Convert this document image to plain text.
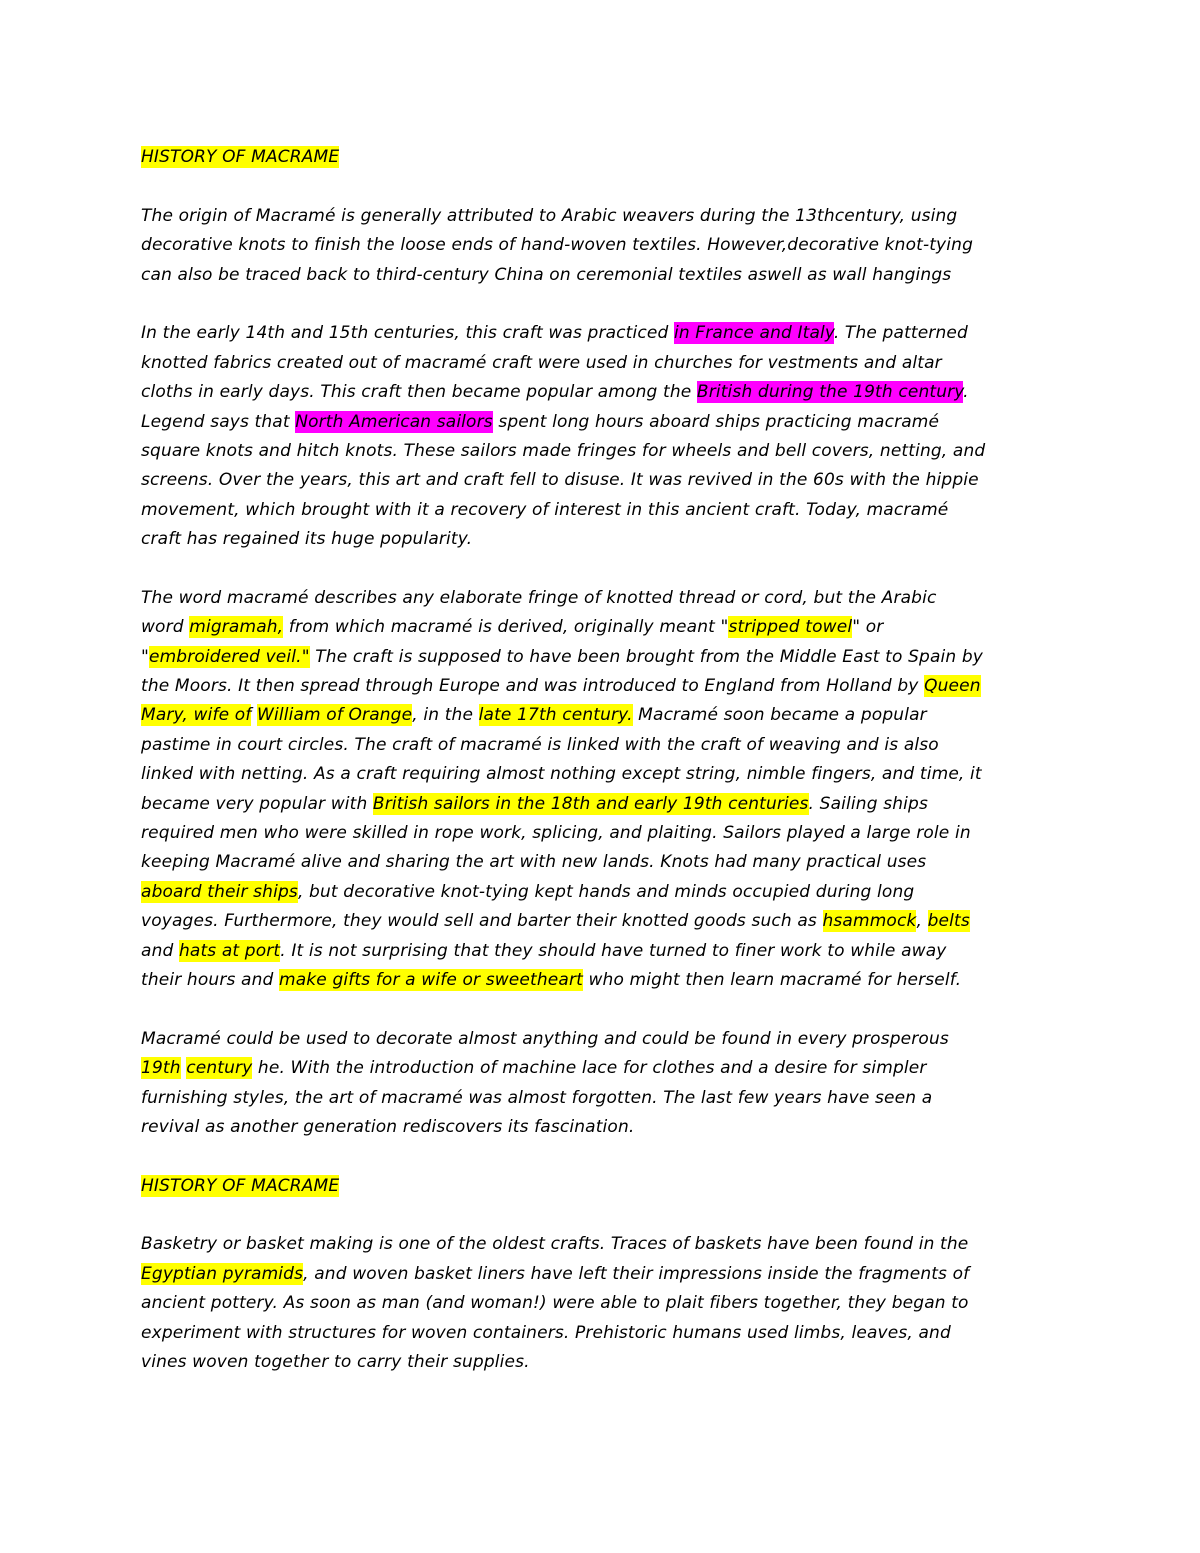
HISTORY OF MACRAME
The origin of Macramé is generally attributed to Arabic weavers during the 13thcentury, using
decorative knots to finish the loose ends of hand-woven textiles. However,decorative knot-tying
can also be traced back to third-century China on ceremonial textiles aswell as wall hangings
In the early 14th and 15th centuries, this craft was practiced in France and Italy. The patterned
knotted fabrics created out of macramé craft were used in churches for vestments and altar
cloths in early days. This craft then became popular among the British during the 19th century.
Legend says that North American sailors spent long hours aboard ships practicing macramé
square knots and hitch knots. These sailors made fringes for wheels and bell covers, netting, and
screens. Over the years, this art and craft fell to disuse. It was revived in the 60s with the hippie
movement, which brought with it a recovery of interest in this ancient craft. Today, macramé
craft has regained its huge popularity.
The word macramé describes any elaborate fringe of knotted thread or cord, but the Arabic
word migramah, from which macramé is derived, originally meant "stripped towel" or
"embroidered veil." The craft is supposed to have been brought from the Middle East to Spain by
the Moors. It then spread through Europe and was introduced to England from Holland by Queen
Mary, wife of William of Orange, in the late 17th century. Macramé soon became a popular
pastime in court circles. The craft of macramé is linked with the craft of weaving and is also
linked with netting. As a craft requiring almost nothing except string, nimble fingers, and time, it
became very popular with British sailors in the 18th and early 19th centuries. Sailing ships
required men who were skilled in rope work, splicing, and plaiting. Sailors played a large role in
keeping Macramé alive and sharing the art with new lands. Knots had many practical uses
aboard their ships, but decorative knot-tying kept hands and minds occupied during long
voyages. Furthermore, they would sell and barter their knotted goods such as hsammock, belts
and hats at port. It is not surprising that they should have turned to finer work to while away
their hours and make gifts for a wife or sweetheart who might then learn macramé for herself.
Macramé could be used to decorate almost anything and could be found in every prosperous
19th century he. With the introduction of machine lace for clothes and a desire for simpler
furnishing styles, the art of macramé was almost forgotten. The last few years have seen a
revival as another generation rediscovers its fascination.
HISTORY OF MACRAME
Basketry or basket making is one of the oldest crafts. Traces of baskets have been found in the
Egyptian pyramids, and woven basket liners have left their impressions inside the fragments of
ancient pottery. As soon as man (and woman!) were able to plait fibers together, they began to
experiment with structures for woven containers. Prehistoric humans used limbs, leaves, and
vines woven together to carry their supplies.
